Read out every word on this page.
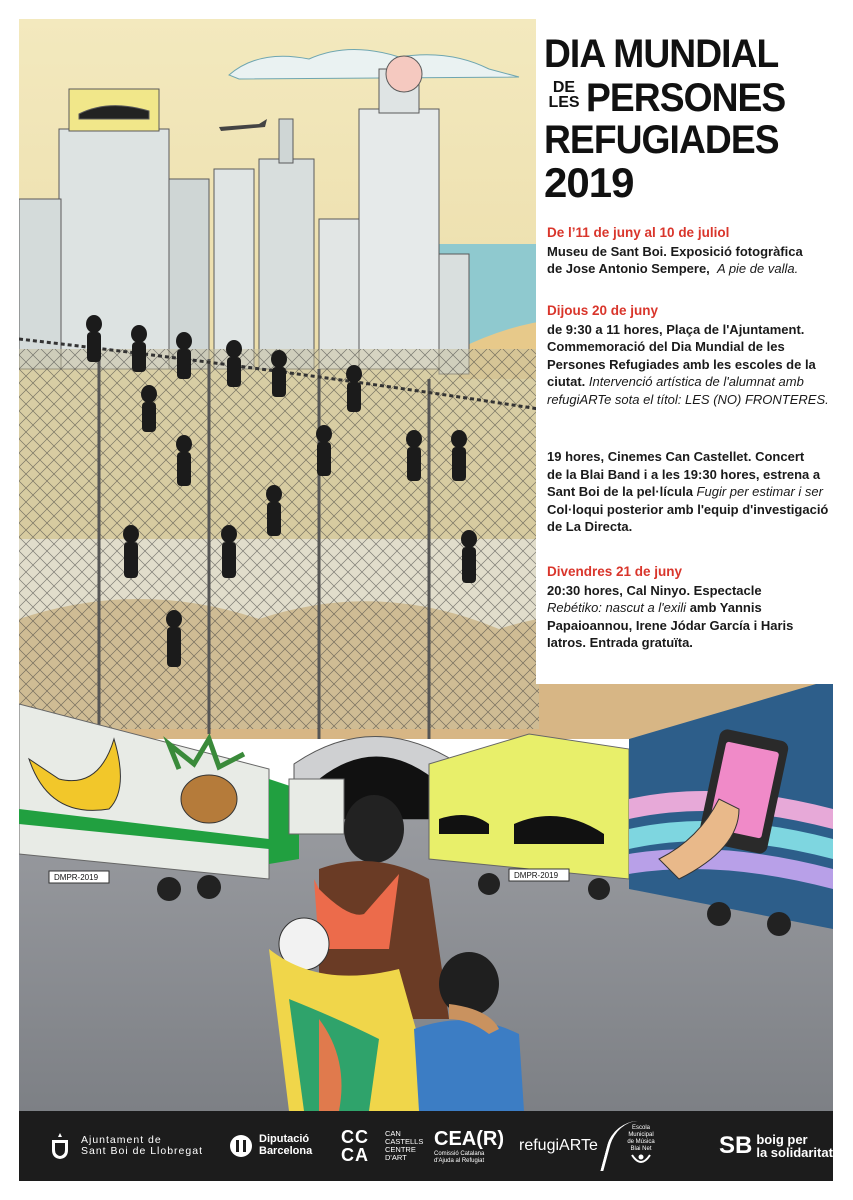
DMPR-2019	DMPR-2019
DIA MUNDIAL
DE
LES PERSONES
REFUGIADES
2019
De l’11 de juny al 10 de juliol

Museu de Sant Boi. Exposició fotogràfica

de Jose Antonio Sempere, A pie de valla.

Dijous 20 de juny

de 9:30 a 11 hores, Plaça de l'Ajuntament.

Commemoració del Dia Mundial de les

Persones Refugiades amb les escoles de la

ciutat. Intervenció artística de l'alumnat amb

refugiARTe sota el títol: LES (NO) FRONTERES.

19 hores, Cinemes Can Castellet. Concert

de la Blai Band i a les 19:30 hores, estrena a

Sant Boi de la pel·lícula Fugir per estimar i ser

Col·loqui posterior amb l'equip d'investigació

de La Directa.

Divendres 21 de juny

20:30 hores, Cal Ninyo. Espectacle

Rebétiko: nascut a l'exili amb Yannis

Papaioannou, Irene Jódar García i Haris

Iatros. Entrada gratuïta.

Ajuntament de
Sant Boi de Llobregat
Diputació
Barcelona
CCCA
CAN
CASTELLS
CENTRE
D'ART
CEA(R)
Comissió Catalana
d'Ajuda al Refugiat
refugiARTe
Escola
Municipal
de Música
Blai Net	SB boig per
la solidaritat
